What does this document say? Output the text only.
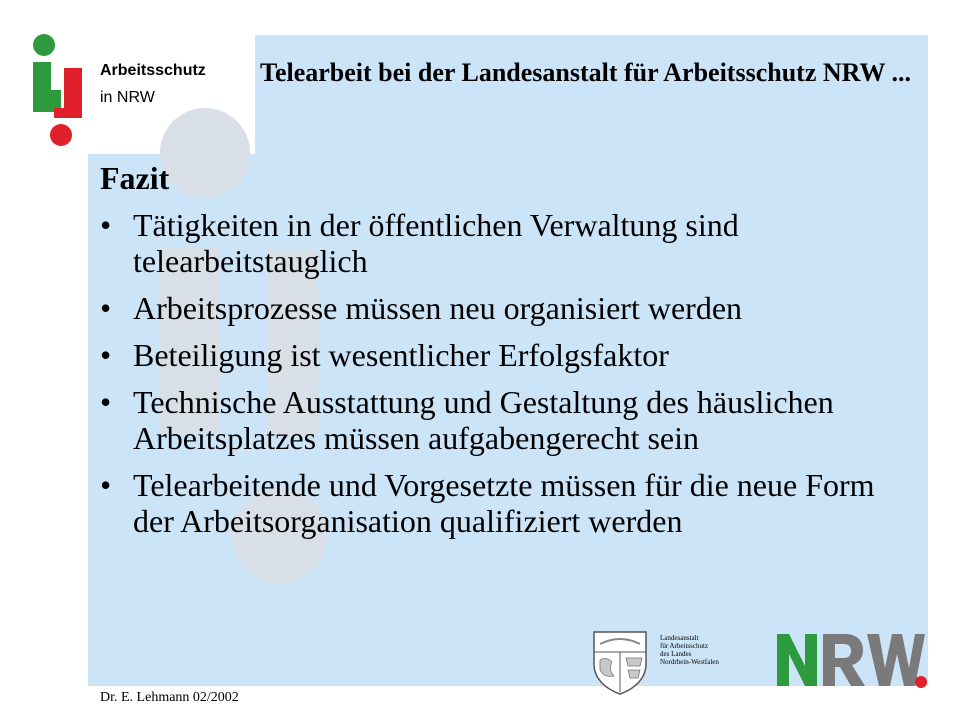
Arbeitsschutz
in NRW
Telearbeit bei der Landesanstalt für Arbeitsschutz NRW ...
Fazit
• Tätigkeiten in der öffentlichen Verwaltung sind telearbeitstauglich
• Arbeitsprozesse müssen neu organisiert werden
• Beteiligung ist wesentlicher Erfolgsfaktor
• Technische Ausstattung und Gestaltung des häuslichen Arbeitsplatzes müssen aufgabengerecht sein
• Telearbeitende und Vorgesetzte müssen für die neue Form der Arbeitsorganisation qualifiziert werden
Dr. E. Lehmann 02/2002
Landesanstalt
für Arbeitsschutz
des Landes
Nordrhein-Westfalen
